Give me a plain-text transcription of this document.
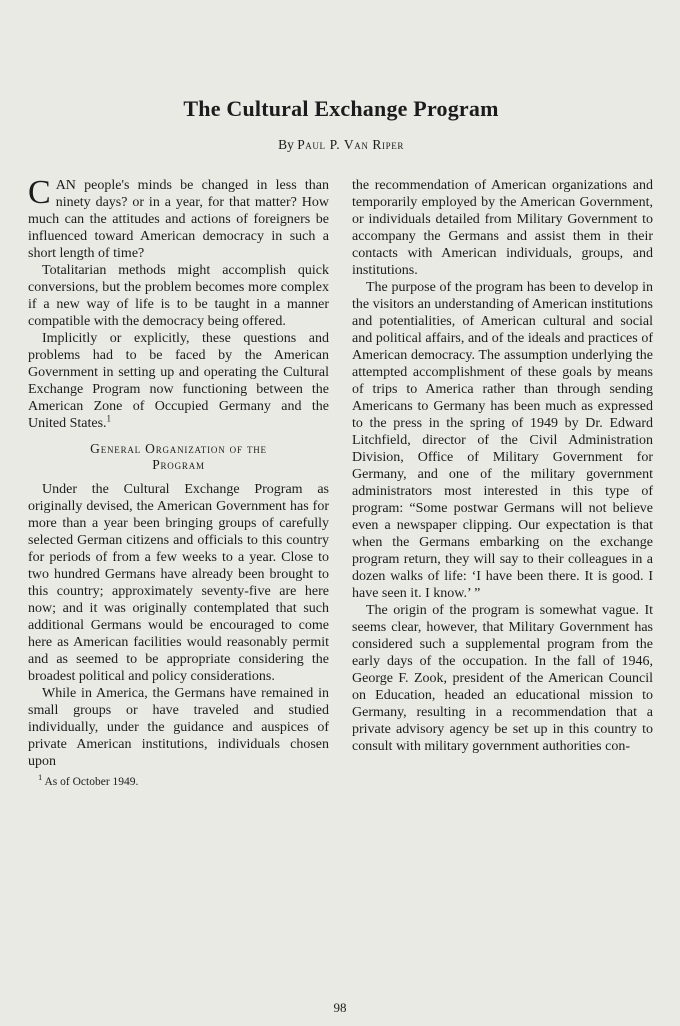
The Cultural Exchange Program
By Paul P. Van Riper

CAN people's minds be changed in less than ninety days? or in a year, for that matter? How much can the attitudes and actions of foreigners be influenced toward American democracy in such a short length of time?

Totalitarian methods might accomplish quick conversions, but the problem becomes more complex if a new way of life is to be taught in a manner compatible with the democracy being offered.

Implicitly or explicitly, these questions and problems had to be faced by the American Government in setting up and operating the Cultural Exchange Program now functioning between the American Zone of Occupied Germany and the United States.$^1$

General Organization of the
Program

Under the Cultural Exchange Program as originally devised, the American Government has for more than a year been bringing groups of carefully selected German citizens and officials to this country for periods of from a few weeks to a year. Close to two hundred Germans have already been brought to this country; approximately seventy-five are here now; and it was originally contemplated that such additional Germans would be encouraged to come here as American facilities would reasonably permit and as seemed to be appropriate considering the broadest political and policy considerations.

While in America, the Germans have remained in small groups or have traveled and studied individually, under the guidance and auspices of private American institutions, individuals chosen upon

$^1$ As of October 1949.

the recommendation of American organizations and temporarily employed by the American Government, or individuals detailed from Military Government to accompany the Germans and assist them in their contacts with American individuals, groups, and institutions.

The purpose of the program has been to develop in the visitors an understanding of American institutions and potentialities, of American cultural and social and political affairs, and of the ideals and practices of American democracy. The assumption underlying the attempted accomplishment of these goals by means of trips to America rather than through sending Americans to Germany has been much as expressed to the press in the spring of 1949 by Dr. Edward Litchfield, director of the Civil Administration Division, Office of Military Government for Germany, and one of the military government administrators most interested in this type of program: “Some postwar Germans will not believe even a newspaper clipping. Our expectation is that when the Germans embarking on the exchange program return, they will say to their colleagues in a dozen walks of life: ‘I have been there. It is good. I have seen it. I know.’ ”

The origin of the program is somewhat vague. It seems clear, however, that Military Government has considered such a supplemental program from the early days of the occupation. In the fall of 1946, George F. Zook, president of the American Council on Education, headed an educational mission to Germany, resulting in a recommendation that a private advisory agency be set up in this country to consult with military government authorities con-

98
